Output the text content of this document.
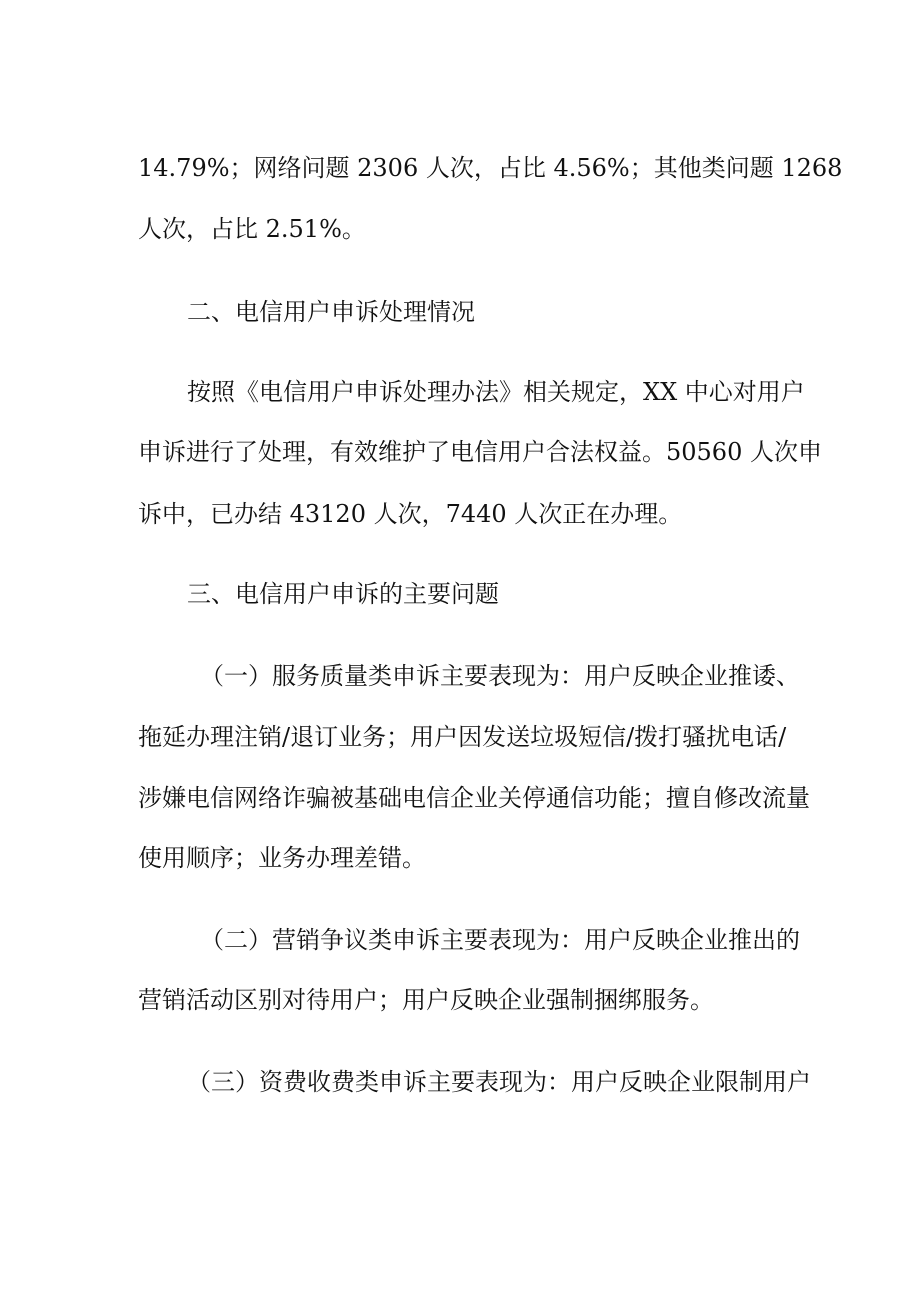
14.79%；网络问题 2306 人次，占比 4.56%；其他类问题 1268

人次，占比 2.51%。

二、电信用户申诉处理情况

按照《电信用户申诉处理办法》相关规定，XX 中心对用户

申诉进行了处理，有效维护了电信用户合法权益。50560 人次申

诉中，已办结 43120 人次，7440 人次正在办理。

三、电信用户申诉的主要问题

（一）服务质量类申诉主要表现为：用户反映企业推诿、

拖延办理注销/退订业务；用户因发送垃圾短信/拨打骚扰电话/

涉嫌电信网络诈骗被基础电信企业关停通信功能；擅自修改流量

使用顺序；业务办理差错。

（二）营销争议类申诉主要表现为：用户反映企业推出的

营销活动区别对待用户；用户反映企业强制捆绑服务。

（三）资费收费类申诉主要表现为：用户反映企业限制用户
